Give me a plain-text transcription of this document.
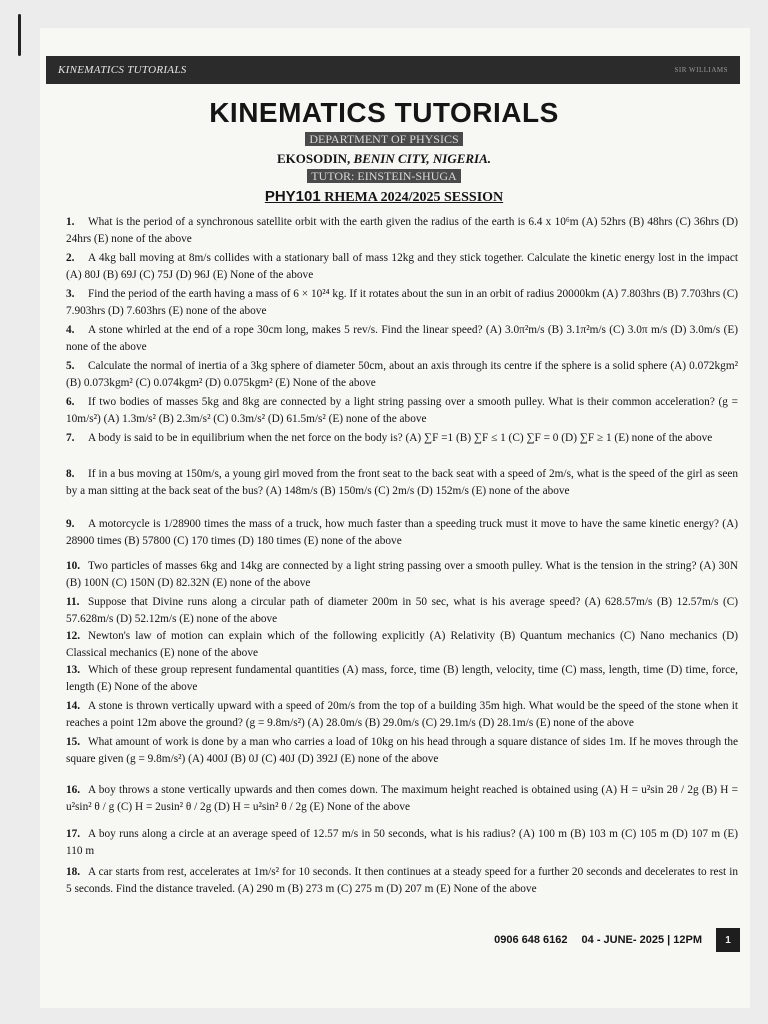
KINEMATICS TUTORIALS	SIR WILLIAMS
KINEMATICS TUTORIALS
DEPARTMENT OF PHYSICS
EKOSODIN, BENIN CITY, NIGERIA.
TUTOR: EINSTEIN-SHUGA
PHY101 RHEMA 2024/2025 SESSION
1. What is the period of a synchronous satellite orbit with the earth given the radius of the earth is 6.4 x 10⁶m (A) 52hrs (B) 48hrs (C) 36hrs (D) 24hrs (E) none of the above
2. A 4kg ball moving at 8m/s collides with a stationary ball of mass 12kg and they stick together. Calculate the kinetic energy lost in the impact (A) 80J (B) 69J (C) 75J (D) 96J (E) None of the above
3. Find the period of the earth having a mass of 6 × 10²⁴ kg. If it rotates about the sun in an orbit of radius 20000km (A) 7.803hrs (B) 7.703hrs (C) 7.903hrs (D) 7.603hrs (E) none of the above
4. A stone whirled at the end of a rope 30cm long, makes 5 rev/s. Find the linear speed? (A) 3.0π²m/s (B) 3.1π²m/s (C) 3.0π m/s (D) 3.0m/s (E) none of the above
5. Calculate the normal of inertia of a 3kg sphere of diameter 50cm, about an axis through its centre if the sphere is a solid sphere (A) 0.072kgm² (B) 0.073kgm² (C) 0.074kgm² (D) 0.075kgm² (E) None of the above
6. If two bodies of masses 5kg and 8kg are connected by a light string passing over a smooth pulley. What is their common acceleration? (g = 10m/s²) (A) 1.3m/s² (B) 2.3m/s² (C) 0.3m/s² (D) 61.5m/s² (E) none of the above
7. A body is said to be in equilibrium when the net force on the body is? (A) ∑F =1 (B) ∑F ≤ 1 (C) ∑F = 0 (D) ∑F ≥ 1 (E) none of the above
8. If in a bus moving at 150m/s, a young girl moved from the front seat to the back seat with a speed of 2m/s, what is the speed of the girl as seen by a man sitting at the back seat of the bus? (A) 148m/s (B) 150m/s (C) 2m/s (D) 152m/s (E) none of the above
9. A motorcycle is 1/28900 times the mass of a truck, how much faster than a speeding truck must it move to have the same kinetic energy? (A) 28900 times (B) 57800 (C) 170 times (D) 180 times (E) none of the above
10. Two particles of masses 6kg and 14kg are connected by a light string passing over a smooth pulley. What is the tension in the string? (A) 30N (B) 100N (C) 150N (D) 82.32N (E) none of the above
11. Suppose that Divine runs along a circular path of diameter 200m in 50 sec, what is his average speed? (A) 628.57m/s (B) 12.57m/s (C) 57.628m/s (D) 52.12m/s (E) none of the above
12. Newton's law of motion can explain which of the following explicitly (A) Relativity (B) Quantum mechanics (C) Nano mechanics (D) Classical mechanics (E) none of the above
13. Which of these group represent fundamental quantities (A) mass, force, time (B) length, velocity, time (C) mass, length, time (D) time, force, length (E) None of the above
14. A stone is thrown vertically upward with a speed of 20m/s from the top of a building 35m high. What would be the speed of the stone when it reaches a point 12m above the ground? (g = 9.8m/s²) (A) 28.0m/s (B) 29.0m/s (C) 29.1m/s (D) 28.1m/s (E) none of the above
15. What amount of work is done by a man who carries a load of 10kg on his head through a square distance of sides 1m. If he moves through the square given (g = 9.8m/s²) (A) 400J (B) 0J (C) 40J (D) 392J (E) none of the above
16. A boy throws a stone vertically upwards and then comes down. The maximum height reached is obtained using (A) H = u²sin 2θ / 2g (B) H = u²sin² θ / g (C) H = 2usin² θ / 2g (D) H = u²sin² θ / 2g (E) None of the above
17. A boy runs along a circle at an average speed of 12.57 m/s in 50 seconds, what is his radius? (A) 100 m (B) 103 m (C) 105 m (D) 107 m (E) 110 m
18. A car starts from rest, accelerates at 1m/s² for 10 seconds. It then continues at a steady speed for a further 20 seconds and decelerates to rest in 5 seconds. Find the distance traveled. (A) 290 m (B) 273 m (C) 275 m (D) 207 m (E) None of the above
0906 648 6162 04 - JUNE- 2025 | 12PM	1
